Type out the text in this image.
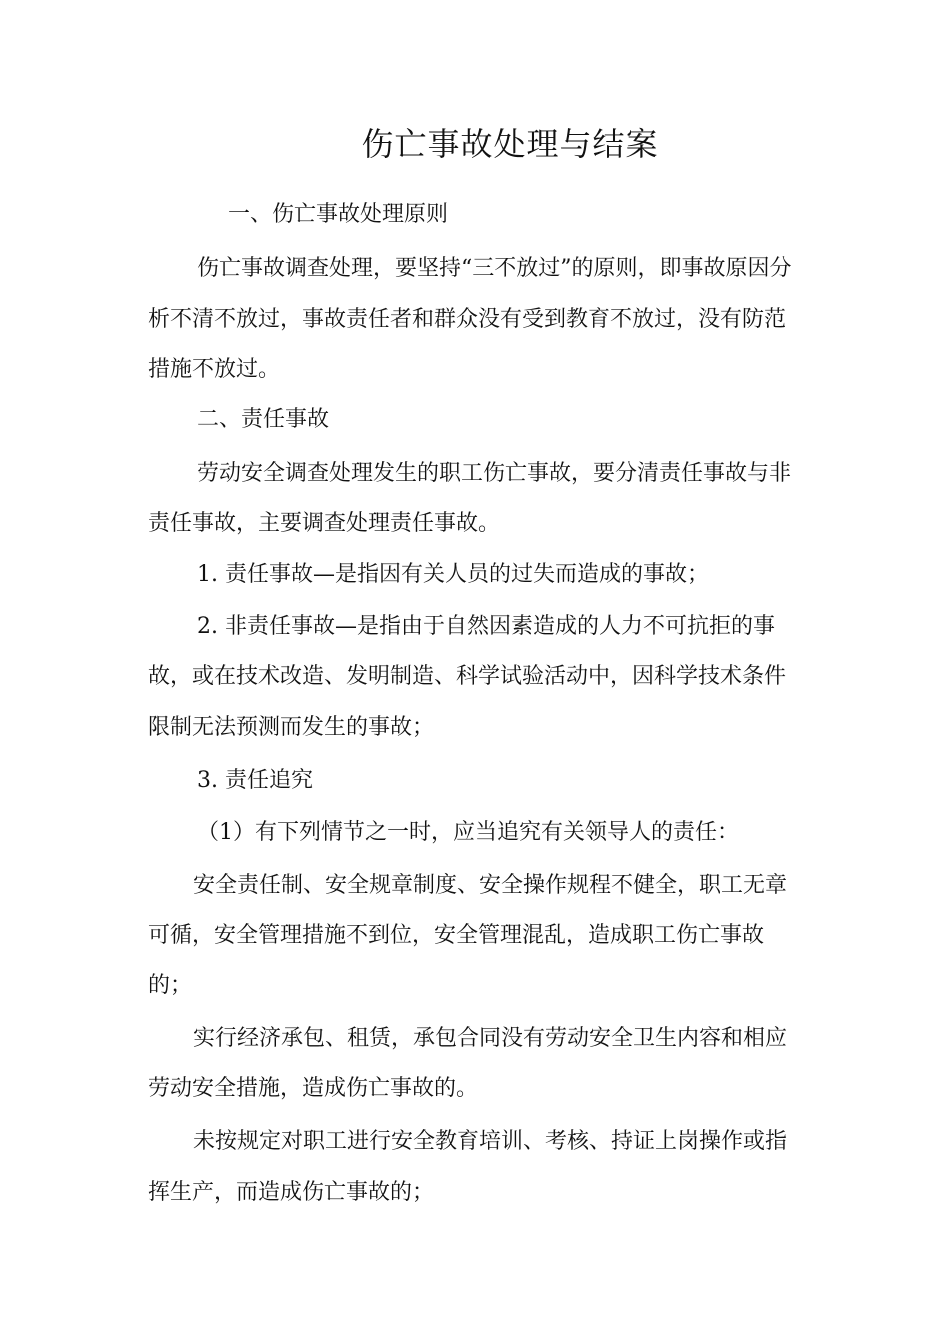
伤亡事故处理与结案

一、伤亡事故处理原则

伤亡事故调查处理，要坚持“三不放过”的原则，即事故原因分

析不清不放过，事故责任者和群众没有受到教育不放过，没有防范

措施不放过。

二、责任事故

劳动安全调查处理发生的职工伤亡事故，要分清责任事故与非

责任事故，主要调查处理责任事故。

1. 责任事故—是指因有关人员的过失而造成的事故；

2. 非责任事故—是指由于自然因素造成的人力不可抗拒的事

故，或在技术改造、发明制造、科学试验活动中，因科学技术条件

限制无法预测而发生的事故；

3. 责任追究

（1）有下列情节之一时，应当追究有关领导人的责任：

安全责任制、安全规章制度、安全操作规程不健全，职工无章

可循，安全管理措施不到位，安全管理混乱，造成职工伤亡事故

的；

实行经济承包、租赁，承包合同没有劳动安全卫生内容和相应

劳动安全措施，造成伤亡事故的。

未按规定对职工进行安全教育培训、考核、持证上岗操作或指

挥生产，而造成伤亡事故的；
